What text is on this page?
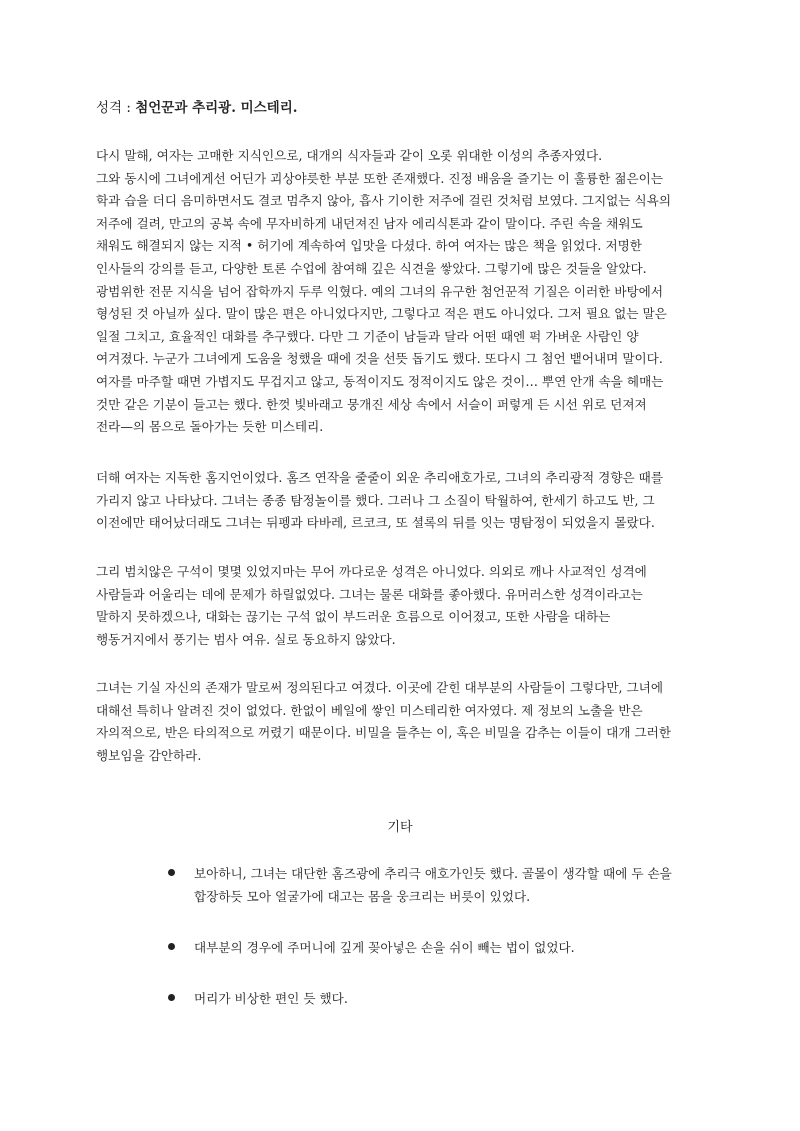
성격 : 첨언꾼과 추리광. 미스테리.
다시 말해, 여자는 고매한 지식인으로, 대개의 식자들과 같이 오롯 위대한 이성의 추종자였다.
그와 동시에 그녀에게선 어딘가 괴상야릇한 부분 또한 존재했다. 진정 배움을 즐기는 이 훌륭한 젊은이는
학과 습을 더디 음미하면서도 결코 멈추지 않아, 흡사 기이한 저주에 걸린 것처럼 보였다. 그지없는 식욕의
저주에 걸려, 만고의 공복 속에 무자비하게 내던져진 남자 에리식톤과 같이 말이다. 주린 속을 채워도
채워도 해결되지 않는 지적 • 허기에 계속하여 입맛을 다셨다. 하여 여자는 많은 책을 읽었다. 저명한
인사들의 강의를 듣고, 다양한 토론 수업에 참여해 깊은 식견을 쌓았다. 그렇기에 많은 것들을 알았다.
광범위한 전문 지식을 넘어 잡학까지 두루 익혔다. 예의 그녀의 유구한 첨언꾼적 기질은 이러한 바탕에서
형성된 것 아닐까 싶다. 말이 많은 편은 아니었다지만, 그렇다고 적은 편도 아니었다. 그저 필요 없는 말은
일절 그치고, 효율적인 대화를 추구했다. 다만 그 기준이 남들과 달라 어떤 때엔 퍽 가벼운 사람인 양
여겨졌다. 누군가 그녀에게 도움을 청했을 때에 것을 선뜻 돕기도 했다. 또다시 그 첨언 뱉어내며 말이다.
여자를 마주할 때면 가볍지도 무겁지고 않고, 동적이지도 정적이지도 않은 것이… 뿌연 안개 속을 헤매는
것만 같은 기분이 들고는 했다. 한껏 빛바래고 뭉개진 세상 속에서 서슬이 퍼렇게 든 시선 위로 던져져
전라—의 몸으로 돌아가는 듯한 미스테리.
더해 여자는 지독한 홈지언이었다. 홈즈 연작을 줄줄이 외운 추리애호가로, 그녀의 추리광적 경향은 때를
가리지 않고 나타났다. 그녀는 종종 탐정놀이를 했다. 그러나 그 소질이 탁월하여, 한세기 하고도 반, 그
이전에만 태어났더래도 그녀는 뒤펭과 타바레, 르코크, 또 셜록의 뒤를 잇는 명탐정이 되었을지 몰랐다.
그리 범치않은 구석이 몇몇 있었지마는 무어 까다로운 성격은 아니었다. 의외로 깨나 사교적인 성격에
사람들과 어울리는 데에 문제가 하릴없었다. 그녀는 물론 대화를 좋아했다. 유머러스한 성격이라고는
말하지 못하겠으나, 대화는 끊기는 구석 없이 부드러운 흐름으로 이어졌고, 또한 사람을 대하는
행동거지에서 풍기는 범사 여유. 실로 동요하지 않았다.
그녀는 기실 자신의 존재가 말로써 정의된다고 여겼다. 이곳에 갇힌 대부분의 사람들이 그렇다만, 그녀에
대해선 특히나 알려진 것이 없었다. 한없이 베일에 쌓인 미스테리한 여자였다. 제 정보의 노출을 반은
자의적으로, 반은 타의적으로 꺼렸기 때문이다. 비밀을 들추는 이, 혹은 비밀을 감추는 이들이 대개 그러한
행보임을 감안하라.
기타
보아하니, 그녀는 대단한 홈즈광에 추리극 애호가인듯 했다. 골몰이 생각할 때에 두 손을
합장하듯 모아 얼굴가에 대고는 몸을 웅크리는 버릇이 있었다.
대부분의 경우에 주머니에 깊게 꽂아넣은 손을 쉬이 빼는 법이 없었다.
머리가 비상한 편인 듯 했다.
